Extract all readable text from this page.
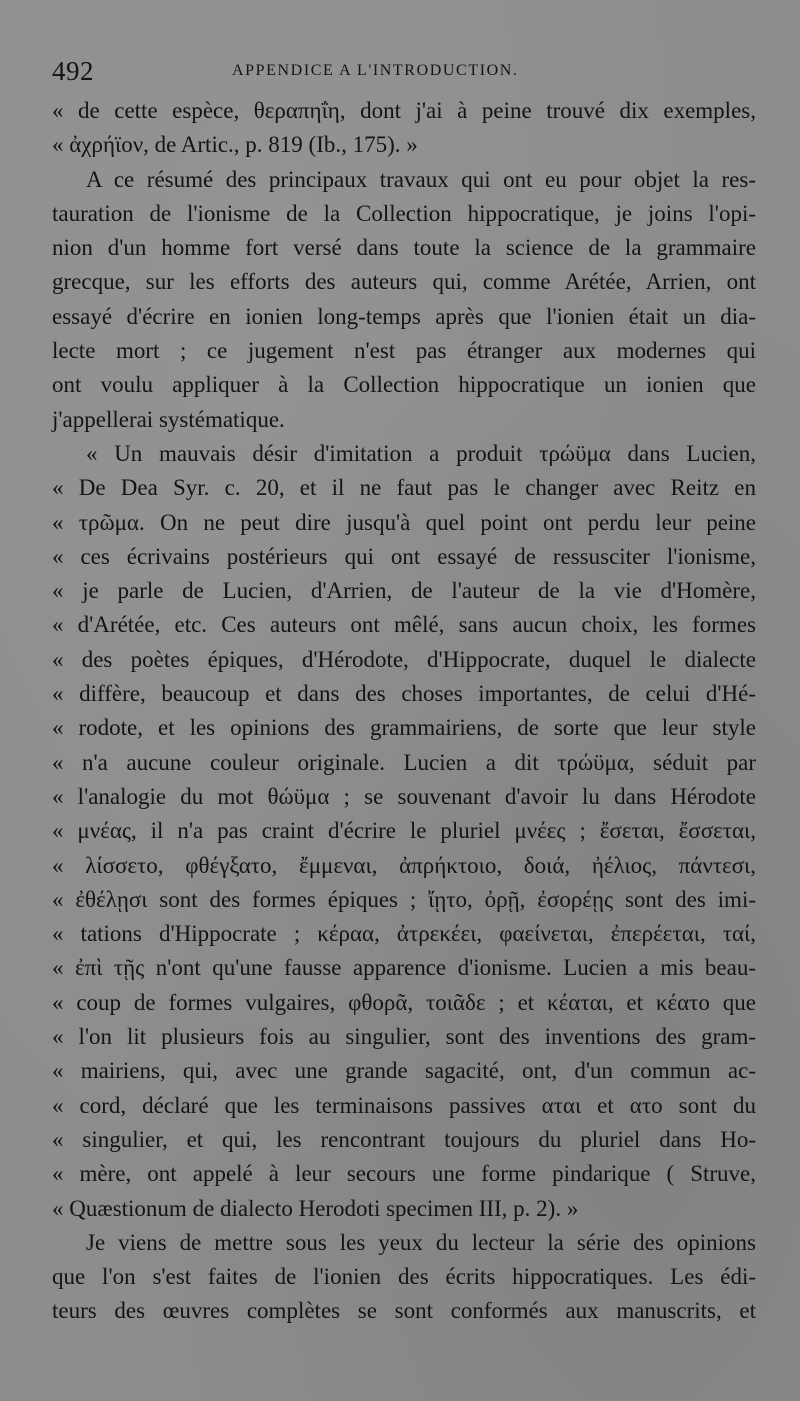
492	APPENDICE A L'INTRODUCTION.
« de cette espèce, θεραπηΐη, dont j'ai à peine trouvé dix exemples,
« ἀχρήϊον, de Artic., p. 819 (Ib., 175). »
A ce résumé des principaux travaux qui ont eu pour objet la res-
tauration de l'ionisme de la Collection hippocratique, je joins l'opi-
nion d'un homme fort versé dans toute la science de la grammaire
grecque, sur les efforts des auteurs qui, comme Arétée, Arrien, ont
essayé d'écrire en ionien long-temps après que l'ionien était un dia-
lecte mort ; ce jugement n'est pas étranger aux modernes qui
ont voulu appliquer à la Collection hippocratique un ionien que
j'appellerai systématique.
« Un mauvais désir d'imitation a produit τρώϋμα dans Lucien,
« De Dea Syr. c. 20, et il ne faut pas le changer avec Reitz en
« τρῶμα. On ne peut dire jusqu'à quel point ont perdu leur peine
« ces écrivains postérieurs qui ont essayé de ressusciter l'ionisme,
« je parle de Lucien, d'Arrien, de l'auteur de la vie d'Homère,
« d'Arétée, etc. Ces auteurs ont mêlé, sans aucun choix, les formes
« des poètes épiques, d'Hérodote, d'Hippocrate, duquel le dialecte
« diffère, beaucoup et dans des choses importantes, de celui d'Hé-
« rodote, et les opinions des grammairiens, de sorte que leur style
« n'a aucune couleur originale. Lucien a dit τρώϋμα, séduit par
« l'analogie du mot θώϋμα ; se souvenant d'avoir lu dans Hérodote
« μνέας, il n'a pas craint d'écrire le pluriel μνέες ; ἔσεται, ἔσσεται,
« λίσσετο, φθέγξατο, ἔμμεναι, ἀπρήκτοιο, δοιά, ἠέλιος, πάντεσι,
« ἐθέλῃσι sont des formes épiques ; ἴῃτο, ὀρῇ, ἐσορέῃς sont des imi-
« tations d'Hippocrate ; κέραα, ἀτρεκέει, φαείνεται, ἐπερέεται, ταί,
« ἐπὶ τῇς n'ont qu'une fausse apparence d'ionisme. Lucien a mis beau-
« coup de formes vulgaires, φθορᾶ, τοιᾶδε ; et κέαται, et κέατο que
« l'on lit plusieurs fois au singulier, sont des inventions des gram-
« mairiens, qui, avec une grande sagacité, ont, d'un commun ac-
« cord, déclaré que les terminaisons passives αται et ατο sont du
« singulier, et qui, les rencontrant toujours du pluriel dans Ho-
« mère, ont appelé à leur secours une forme pindarique ( Struve,
« Quæstionum de dialecto Herodoti specimen III, p. 2). »
Je viens de mettre sous les yeux du lecteur la série des opinions
que l'on s'est faites de l'ionien des écrits hippocratiques. Les édi-
teurs des œuvres complètes se sont conformés aux manuscrits, et
